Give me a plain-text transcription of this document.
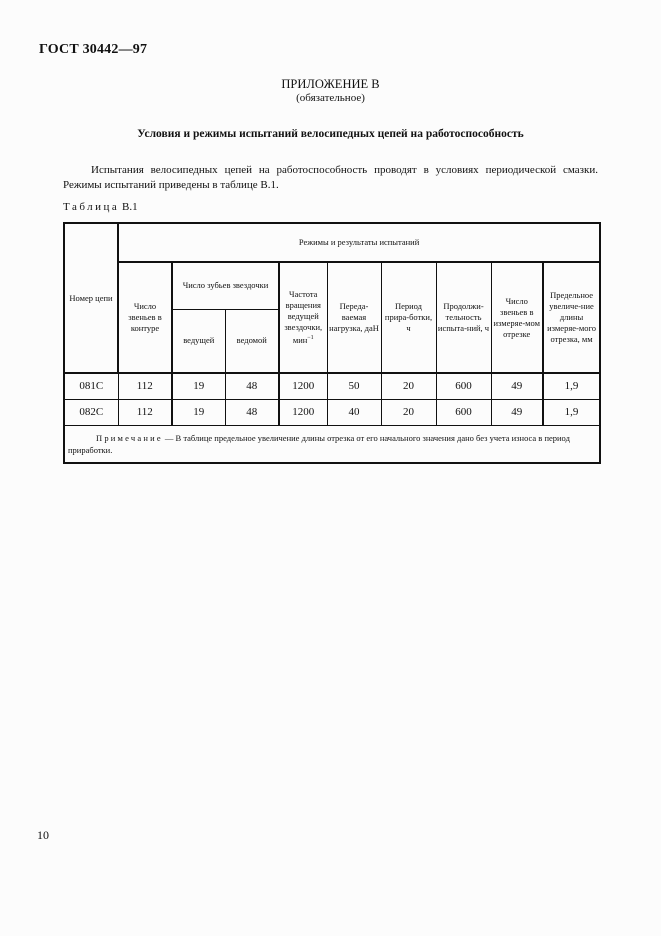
ГОСТ 30442—97
ПРИЛОЖЕНИЕ В
(обязательное)
Условия и режимы испытаний велосипедных цепей на работоспособность

Испытания велосипедных цепей на работоспособность проводят в условиях периодической смазки.

Режимы испытаний приведены в таблице В.1.

Таблица В.1
Номер цепи	Режимы и результаты испытаний								
	Число звеньев в контуре	Число зубьев звездочки		Частота вращения ведущей звездочки, мин$^{-1}$	Переда-ваемая нагрузка, даН	Период прира-ботки, ч	Продолжи-тельность испыта-ний, ч	Число звеньев в измеряе-мом отрезке	Предельное увеличе-ние длины измеряе-мого отрезка, мм
		ведущей	ведомой						
081С	112	19	48	1200	50	20	600	49	1,9
082С	112	19	48	1200	40	20	600	49	1,9
Примечание — В таблице предельное увеличение длины отрезка от его начального значения дано без учета износа в период приработки.									
10
